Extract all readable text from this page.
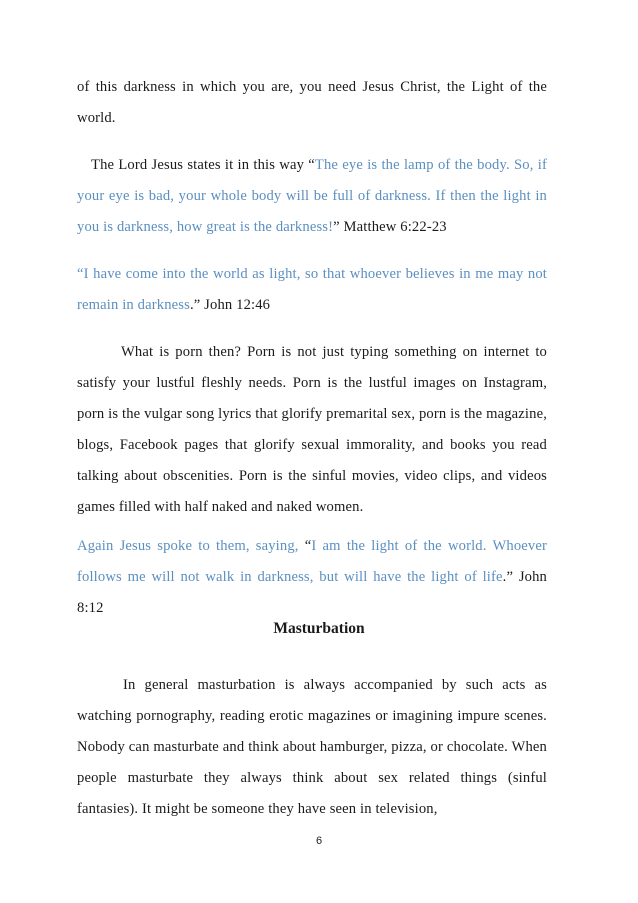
of this darkness in which you are, you need Jesus Christ, the Light of the world.

The Lord Jesus states it in this way “The eye is the lamp of the body. So, if your eye is bad, your whole body will be full of darkness. If then the light in you is darkness, how great is the darkness!” Matthew 6:22-23

“I have come into the world as light, so that whoever believes in me may not remain in darkness.” John 12:46

What is porn then? Porn is not just typing something on internet to satisfy your lustful fleshly needs. Porn is the lustful images on Instagram, porn is the vulgar song lyrics that glorify premarital sex, porn is the magazine, blogs, Facebook pages that glorify sexual immorality, and books you read talking about obscenities. Porn is the sinful movies, video clips, and videos games filled with half naked and naked women.

Again Jesus spoke to them, saying, “I am the light of the world. Whoever follows me will not walk in darkness, but will have the light of life.” John 8:12

Masturbation

In general masturbation is always accompanied by such acts as watching pornography, reading erotic magazines or imagining impure scenes. Nobody can masturbate and think about hamburger, pizza, or chocolate. When people masturbate they always think about sex related things (sinful fantasies). It might be someone they have seen in television,

6
